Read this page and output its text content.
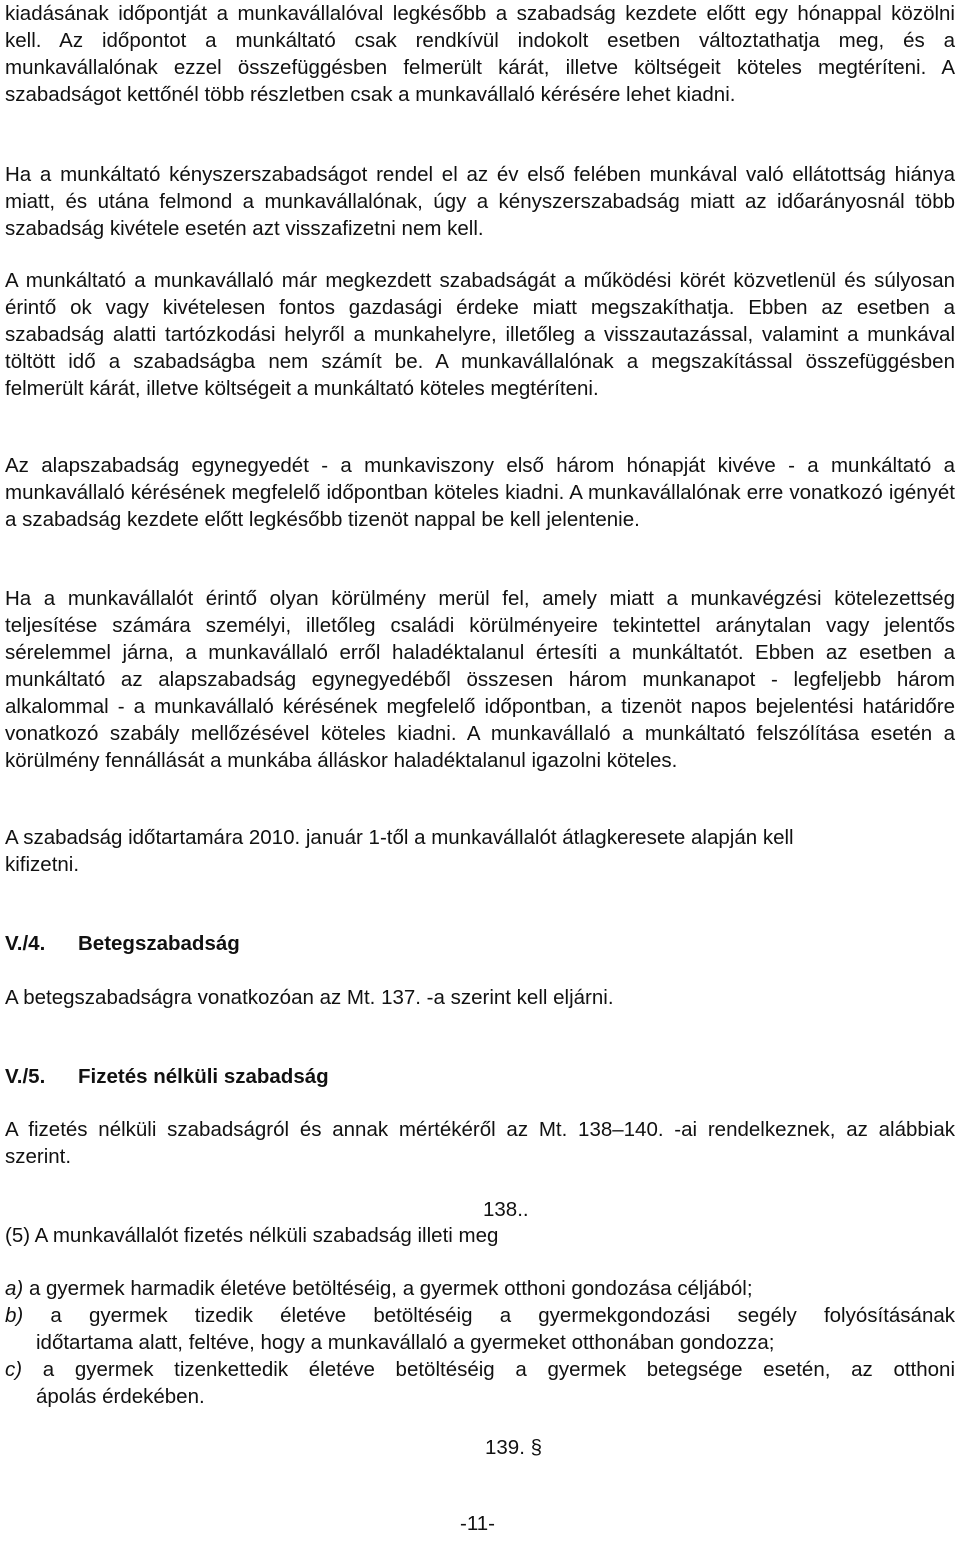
kiadásának időpontját a munkavállalóval legkésőbb a szabadság kezdete előtt egy hónappal közölni kell. Az időpontot a munkáltató csak rendkívül indokolt esetben változtathatja meg, és a munkavállalónak ezzel összefüggésben felmerült kárát, illetve költségeit köteles megtéríteni. A szabadságot kettőnél több részletben csak a munkavállaló kérésére lehet kiadni.

Ha a munkáltató kényszerszabadságot rendel el az év első felében munkával való ellátottság hiánya miatt, és utána felmond a munkavállalónak, úgy a kényszerszabadság miatt az időarányosnál több szabadság kivétele esetén azt visszafizetni nem kell.

A munkáltató a munkavállaló már megkezdett szabadságát a működési körét közvetlenül és súlyosan érintő ok vagy kivételesen fontos gazdasági érdeke miatt megszakíthatja. Ebben az esetben a szabadság alatti tartózkodási helyről a munkahelyre, illetőleg a visszautazással, valamint a munkával töltött idő a szabadságba nem számít be. A munkavállalónak a megszakítással összefüggésben felmerült kárát, illetve költségeit a munkáltató köteles megtéríteni.

Az alapszabadság egynegyedét - a munkaviszony első három hónapját kivéve - a munkáltató a munkavállaló kérésének megfelelő időpontban köteles kiadni. A munkavállalónak erre vonatkozó igényét a szabadság kezdete előtt legkésőbb tizenöt nappal be kell jelentenie.

Ha a munkavállalót érintő olyan körülmény merül fel, amely miatt a munkavégzési kötelezettség teljesítése számára személyi, illetőleg családi körülményeire tekintettel aránytalan vagy jelentős sérelemmel járna, a munkavállaló erről haladéktalanul értesíti a munkáltatót. Ebben az esetben a munkáltató az alapszabadság egynegyedéből összesen három munkanapot - legfeljebb három alkalommal - a munkavállaló kérésének megfelelő időpontban, a tizenöt napos bejelentési határidőre vonatkozó szabály mellőzésével köteles kiadni. A munkavállaló a munkáltató felszólítása esetén a körülmény fennállását a munkába álláskor haladéktalanul igazolni köteles.

A szabadság időtartamára 2010. január 1-től a munkavállalót átlagkeresete alapján kell
kifizetni.
V./4. Betegszabadság

A betegszabadságra vonatkozóan az Mt. 137. -a szerint kell eljárni.

V./5. Fizetés nélküli szabadság

A fizetés nélküli szabadságról és annak mértékéről az Mt. 138–140. -ai rendelkeznek, az alábbiak szerint.

138..

(5) A munkavállalót fizetés nélküli szabadság illeti meg

a) a gyermek harmadik életéve betöltéséig, a gyermek otthoni gondozása céljából;
b) a gyermek tizedik életéve betöltéséig a gyermekgondozási segély folyósításának
időtartama alatt, feltéve, hogy a munkavállaló a gyermeket otthonában gondozza;
c) a gyermek tizenkettedik életéve betöltéséig a gyermek betegsége esetén, az otthoni
ápolás érdekében.
139. §
-11-
